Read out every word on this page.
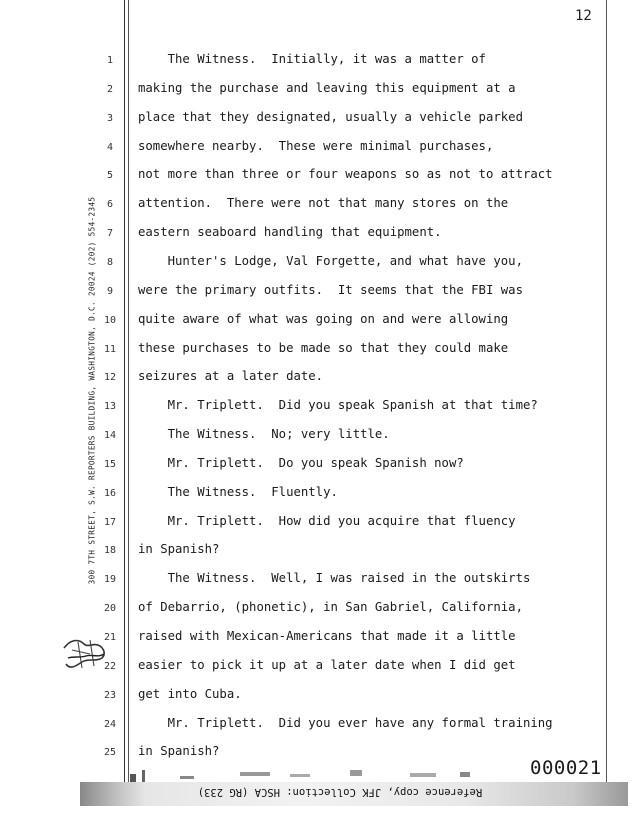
12
300 7TH STREET, S.W. REPORTERS BUILDING, WASHINGTON, D.C. 20024 (202) 554-2345
1	The Witness.  Initially, it was a matter of
2	making the purchase and leaving this equipment at a
3	place that they designated, usually a vehicle parked
4	somewhere nearby.  These were minimal purchases,
5	not more than three or four weapons so as not to attract
6	attention.  There were not that many stores on the
7	eastern seaboard handling that equipment.
8	Hunter's Lodge, Val Forgette, and what have you,
9	were the primary outfits.  It seems that the FBI was
10	quite aware of what was going on and were allowing
11	these purchases to be made so that they could make
12	seizures at a later date.
13	Mr. Triplett.  Did you speak Spanish at that time?
14	The Witness.  No; very little.
15	Mr. Triplett.  Do you speak Spanish now?
16	The Witness.  Fluently.
17	Mr. Triplett.  How did you acquire that fluency
18	in Spanish?
19	The Witness.  Well, I was raised in the outskirts
20	of Debarrio, (phonetic), in San Gabriel, California,
21	raised with Mexican-Americans that made it a little
22	easier to pick it up at a later date when I did get
23	get into Cuba.
24	Mr. Triplett.  Did you ever have any formal training
25	in Spanish?
000021
Reference copy, JFK Collection: HSCA (RG 233)
